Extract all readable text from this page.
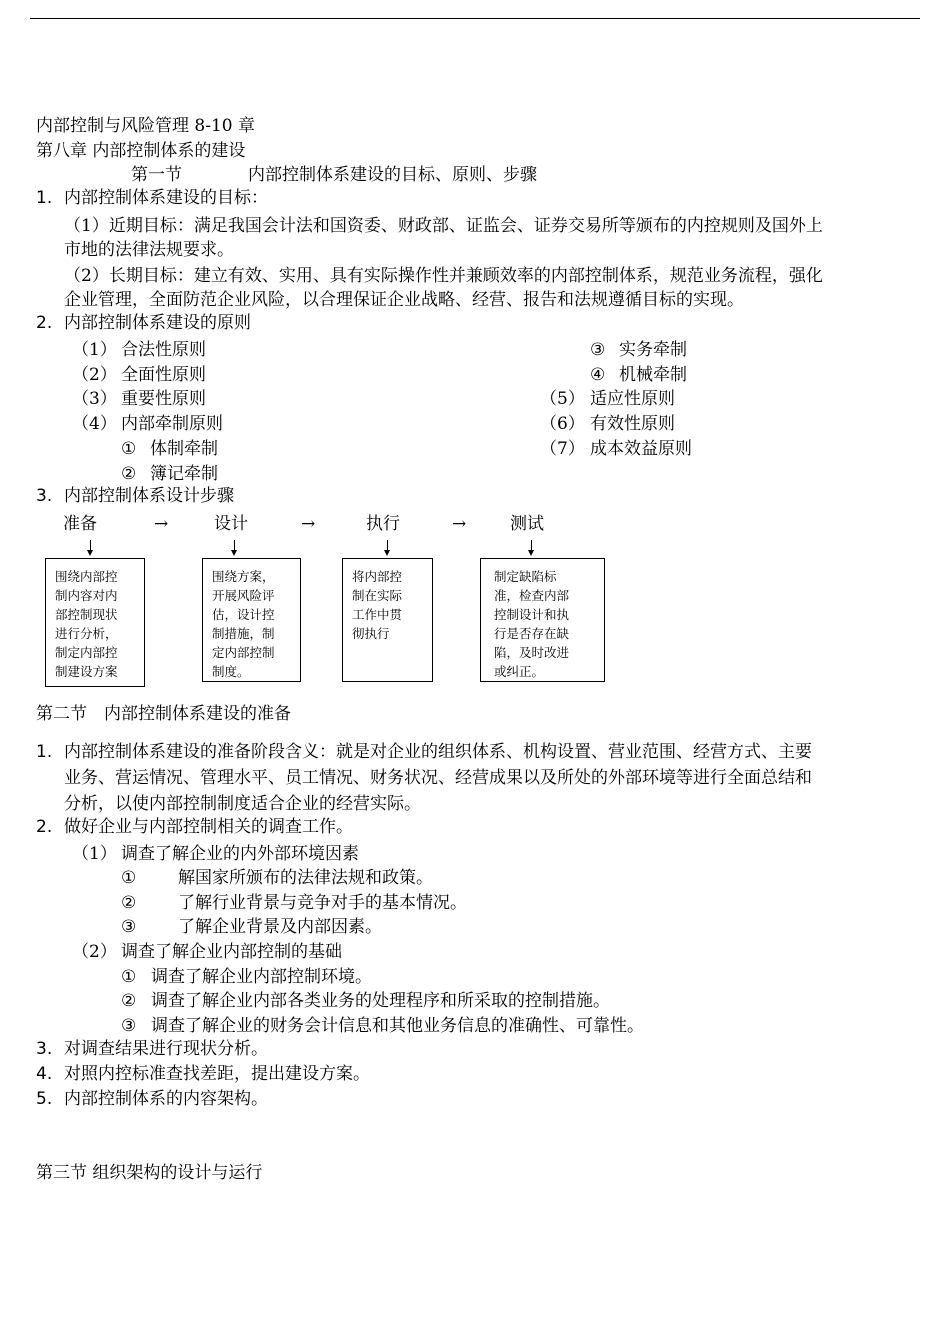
内部控制与风险管理 8-10 章
第八章 内部控制体系的建设
第一节	内部控制体系建设的目标、原则、步骤
1. 内部控制体系建设的目标：
（1）近期目标：满足我国会计法和国资委、财政部、证监会、证券交易所等颁布的内控规则及国外上
市地的法律法规要求。
（2）长期目标：建立有效、实用、具有实际操作性并兼顾效率的内部控制体系，规范业务流程，强化
企业管理，全面防范企业风险，以合理保证企业战略、经营、报告和法规遵循目标的实现。
2. 内部控制体系建设的原则
（1） 合法性原则
（2） 全面性原则
（3） 重要性原则
（4） 内部牵制原则
① 体制牵制
② 簿记牵制
③ 实务牵制
④ 机械牵制
（5） 适应性原则
（6） 有效性原则
（7） 成本效益原则
3. 内部控制体系设计步骤
准备	→	设计	→	执行	→	测试
围绕内部控
制内容对内
部控制现状
进行分析，
制定内部控
制建设方案
围绕方案，
开展风险评
估，设计控
制措施，制
定内部控制
制度。
将内部控
制在实际
工作中贯
彻执行
制定缺陷标
准，检查内部
控制设计和执
行是否存在缺
陷，及时改进
或纠正。
第二节　内部控制体系建设的准备
1. 内部控制体系建设的准备阶段含义：就是对企业的组织体系、机构设置、营业范围、经营方式、主要
业务、营运情况、管理水平、员工情况、财务状况、经营成果以及所处的外部环境等进行全面总结和
分析，以使内部控制制度适合企业的经营实际。
2. 做好企业与内部控制相关的调查工作。
（1） 调查了解企业的内外部环境因素
① 解国家所颁布的法律法规和政策。
② 了解行业背景与竞争对手的基本情况。
③ 了解企业背景及内部因素。
（2） 调查了解企业内部控制的基础
① 调查了解企业内部控制环境。
② 调查了解企业内部各类业务的处理程序和所采取的控制措施。
③ 调查了解企业的财务会计信息和其他业务信息的准确性、可靠性。
3. 对调查结果进行现状分析。
4. 对照内控标准查找差距，提出建设方案。
5. 内部控制体系的内容架构。
第三节 组织架构的设计与运行
